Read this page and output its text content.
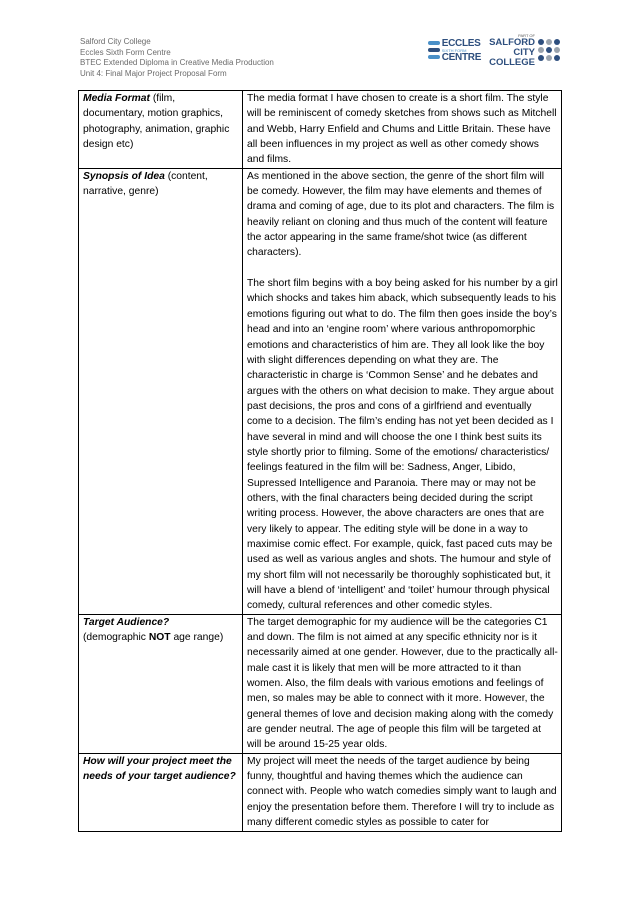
Salford City College
Eccles Sixth Form Centre
BTEC Extended Diploma in Creative Media Production
Unit 4: Final Major Project Proposal Form
ECCLES
SIXTH FORM
CENTRE
PART OF
SALFORD
CITY
COLLEGE
Media Format (film, documentary, motion graphics, photography, animation, graphic design etc)	The media format I have chosen to create is a short film. The style will be reminiscent of comedy sketches from shows such as Mitchell and Webb, Harry Enfield and Chums and Little Britain. These have all been influences in my project as well as other comedy shows and films.

Synopsis of Idea (content, narrative, genre)	As mentioned in the above section, the genre of the short film will be comedy. However, the film may have elements and themes of drama and coming of age, due to its plot and characters. The film is heavily reliant on cloning and thus much of the content will feature the actor appearing in the same frame/shot twice (as different characters).

The short film begins with a boy being asked for his number by a girl which shocks and takes him aback, which subsequently leads to his emotions figuring out what to do. The film then goes inside the boy’s head and into an ‘engine room’ where various anthropomorphic emotions and characteristics of him are. They all look like the boy with slight differences depending on what they are. The characteristic in charge is ‘Common Sense’ and he debates and argues with the others on what decision to make. They argue about past decisions, the pros and cons of a girlfriend and eventually come to a decision. The film’s ending has not yet been decided as I have several in mind and will choose the one I think best suits its style shortly prior to filming. Some of the emotions/ characteristics/ feelings featured in the film will be: Sadness, Anger, Libido, Supressed Intelligence and Paranoia. There may or may not be others, with the final characters being decided during the script writing process. However, the above characters are ones that are very likely to appear. The editing style will be done in a way to maximise comic effect. For example, quick, fast paced cuts may be used as well as various angles and shots. The humour and style of my short film will not necessarily be thoroughly sophisticated but, it will have a blend of ‘intelligent’ and ‘toilet’ humour through physical comedy, cultural references and other comedic styles.

Target Audience?
(demographic NOT age range)	The target demographic for my audience will be the categories C1 and down. The film is not aimed at any specific ethnicity nor is it necessarily aimed at one gender. However, due to the practically all-male cast it is likely that men will be more attracted to it than women. Also, the film deals with various emotions and feelings of men, so males may be able to connect with it more. However, the general themes of love and decision making along with the comedy are gender neutral. The age of people this film will be targeted at will be around 15-25 year olds.

How will your project meet the needs of your target audience?	My project will meet the needs of the target audience by being funny, thoughtful and having themes which the audience can connect with. People who watch comedies simply want to laugh and enjoy the presentation before them. Therefore I will try to include as many different comedic styles as possible to cater for
